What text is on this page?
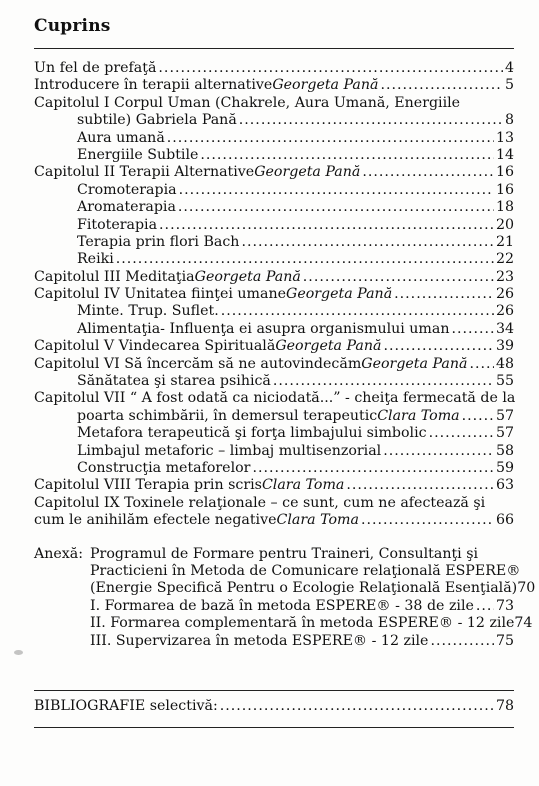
Cuprins
Un fel de prefaţă .....	4
Introducere în terapii alternative Georgeta Pană .....	5
Capitolul I Corpul Uman (Chakrele, Aura Umană, Energiile
subtile) Gabriela Pană .....	8
Aura umană .....	13
Energiile Subtile .....	14
Capitolul II Terapii Alternative Georgeta Pană .....	16
Cromoterapia .....	16
Aromaterapia .....	18
Fitoterapia .....	20
Terapia prin flori Bach .....	21
Reiki .....	22
Capitolul III Meditaţia Georgeta Pană .....	23
Capitolul IV Unitatea fiinţei umane Georgeta Pană .....	26
Minte. Trup. Suflet. .....	26
Alimentaţia- Influenţa ei asupra organismului uman .....	34
Capitolul V Vindecarea Spirituală Georgeta Pană .....	39
Capitolul VI Să încercăm să ne autovindecăm Georgeta Pană ..... 48
Sănătatea şi starea psihică .....	55
Capitolul VII “ A fost odată ca niciodată...” - cheiţa fermecată de la
poarta schimbării, în demersul terapeutic Clara Toma .....	57
Metafora terapeutică şi forţa limbajului simbolic .....	57
Limbajul metaforic – limbaj multisenzorial .....	58
Construcţia metaforelor .....	59
Capitolul VIII Terapia prin scris Clara Toma .....	63
Capitolul IX Toxinele relaţionale – ce sunt, cum ne afectează şi
cum le anihilăm efectele negative Clara Toma .....	66
Anexă: Programul de Formare pentru Traineri, Consultanţi şi
Practicieni în Metoda de Comunicare relaţională ESPERE®
(Energie Specifică Pentru o Ecologie Relaţională Esenţială) 70
I. Formarea de bază în metoda ESPERE® - 38 de zile ..... 73
II. Formarea complementară în metoda ESPERE® - 12 zile 74
III. Supervizarea în metoda ESPERE® - 12 zile .....	75
BIBLIOGRAFIE selectivă: .....	78
